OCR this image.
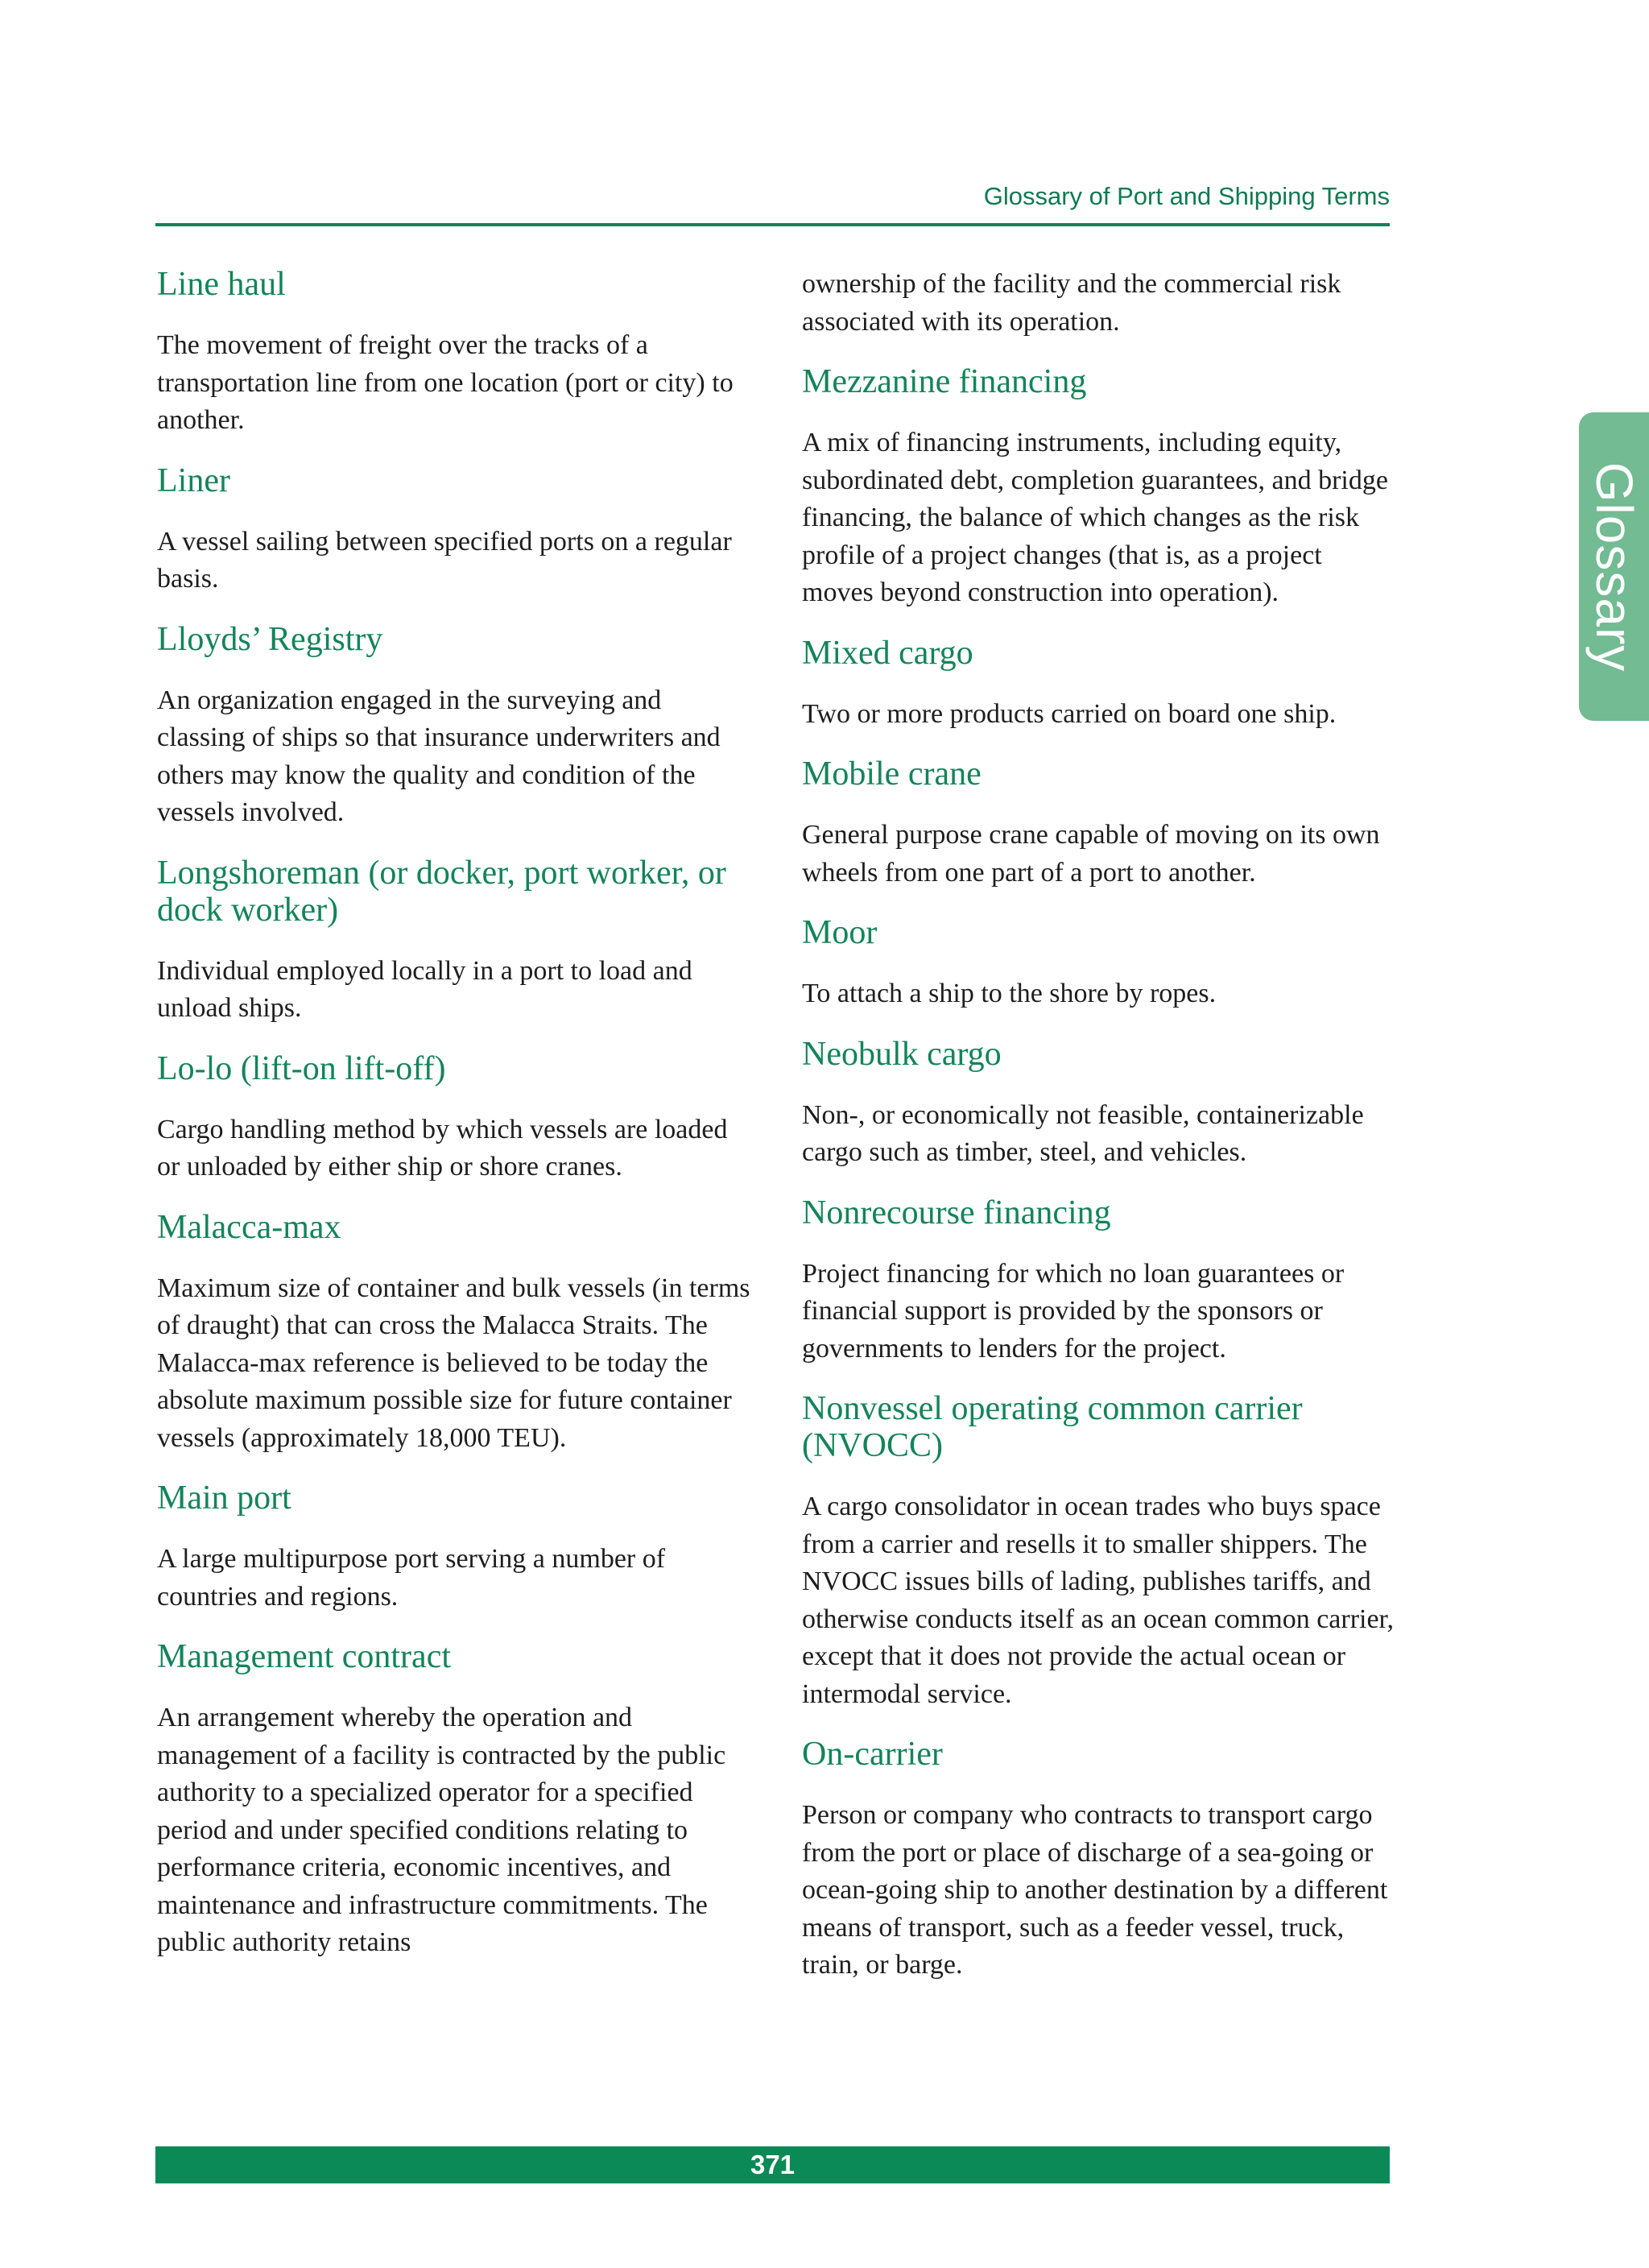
Glossary of Port and Shipping Terms
Glossary
Line haul

The movement of freight over the tracks of a transportation line from one location (port or city) to another.

Liner

A vessel sailing between specified ports on a regular basis.

Lloyds’ Registry

An organization engaged in the surveying and classing of ships so that insurance underwriters and others may know the quality and condition of the vessels involved.

Longshoreman (or docker, port worker, or dock worker)

Individual employed locally in a port to load and unload ships.

Lo-lo (lift-on lift-off)

Cargo handling method by which vessels are loaded or unloaded by either ship or shore cranes.

Malacca-max

Maximum size of container and bulk vessels (in terms of draught) that can cross the Malacca Straits. The Malacca-max reference is believed to be today the absolute maximum possible size for future container vessels (approximately 18,000 TEU).

Main port

A large multipurpose port serving a number of countries and regions.

Management contract

An arrangement whereby the operation and management of a facility is contracted by the public authority to a specialized operator for a specified period and under specified conditions relating to performance criteria, economic incentives, and maintenance and infrastructure commitments. The public authority retains

ownership of the facility and the commercial risk associated with its operation.

Mezzanine financing

A mix of financing instruments, including equity, subordinated debt, completion guarantees, and bridge financing, the balance of which changes as the risk profile of a project changes (that is, as a project moves beyond construction into operation).

Mixed cargo

Two or more products carried on board one ship.

Mobile crane

General purpose crane capable of moving on its own wheels from one part of a port to another.

Moor

To attach a ship to the shore by ropes.

Neobulk cargo

Non-, or economically not feasible, containerizable cargo such as timber, steel, and vehicles.

Nonrecourse financing

Project financing for which no loan guarantees or financial support is provided by the sponsors or governments to lenders for the project.

Nonvessel operating common carrier (NVOCC)

A cargo consolidator in ocean trades who buys space from a carrier and resells it to smaller shippers. The NVOCC issues bills of lading, publishes tariffs, and otherwise conducts itself as an ocean common carrier, except that it does not provide the actual ocean or intermodal service.

On-carrier

Person or company who contracts to transport cargo from the port or place of discharge of a sea-going or ocean-going ship to another destination by a different means of transport, such as a feeder vessel, truck, train, or barge.

371
